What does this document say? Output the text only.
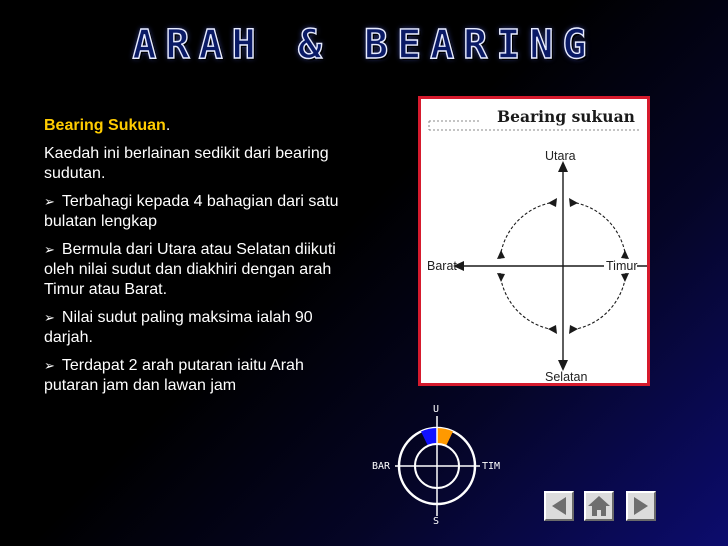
ARAH & BEARING

Bearing Sukuan.

Kaedah ini berlainan sedikit dari bearing sudutan.

➢ Terbahagi kepada 4 bahagian dari satu bulatan lengkap

➢ Bermula dari Utara atau Selatan diikuti oleh nilai sudut dan diakhiri dengan arah Timur atau Barat.

➢ Nilai sudut paling maksima ialah 90 darjah.

➢ Terdapat 2 arah putaran iaitu Arah putaran jam dan lawan jam

Bearing sukuan
Utara
Barat	Timur
Selatan
U
S
BAR	TIM
